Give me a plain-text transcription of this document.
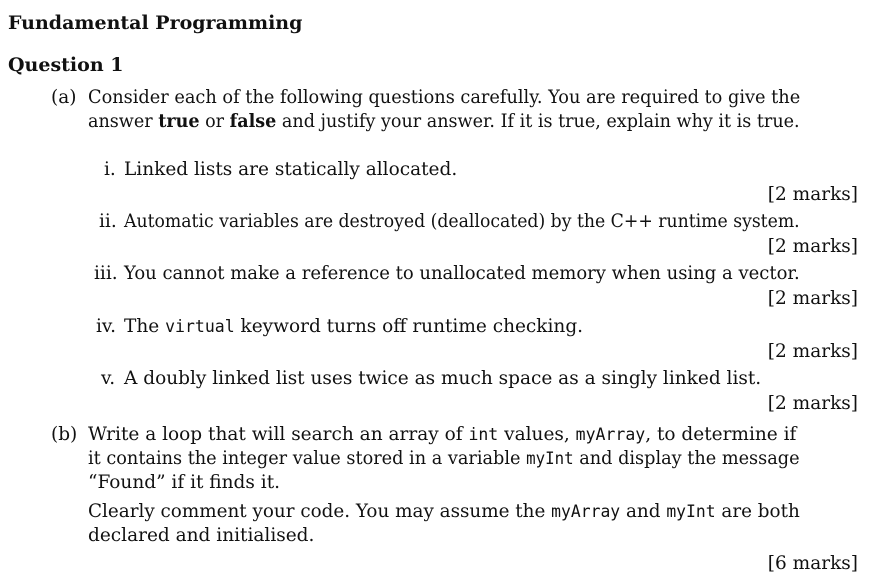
Fundamental Programming
Question 1
(a) Consider each of the following questions carefully. You are required to give the
answer true or false and justify your answer. If it is true, explain why it is true.
i. Linked lists are statically allocated.
[2 marks]
ii. Automatic variables are destroyed (deallocated) by the C++ runtime system.
[2 marks]
iii. You cannot make a reference to unallocated memory when using a vector.
[2 marks]
iv. The virtual keyword turns off runtime checking.
[2 marks]
v. A doubly linked list uses twice as much space as a singly linked list.
[2 marks]
(b) Write a loop that will search an array of int values, myArray, to determine if
it contains the integer value stored in a variable myInt and display the message
“Found” if it finds it.
Clearly comment your code. You may assume the myArray and myInt are both
declared and initialised.
[6 marks]
